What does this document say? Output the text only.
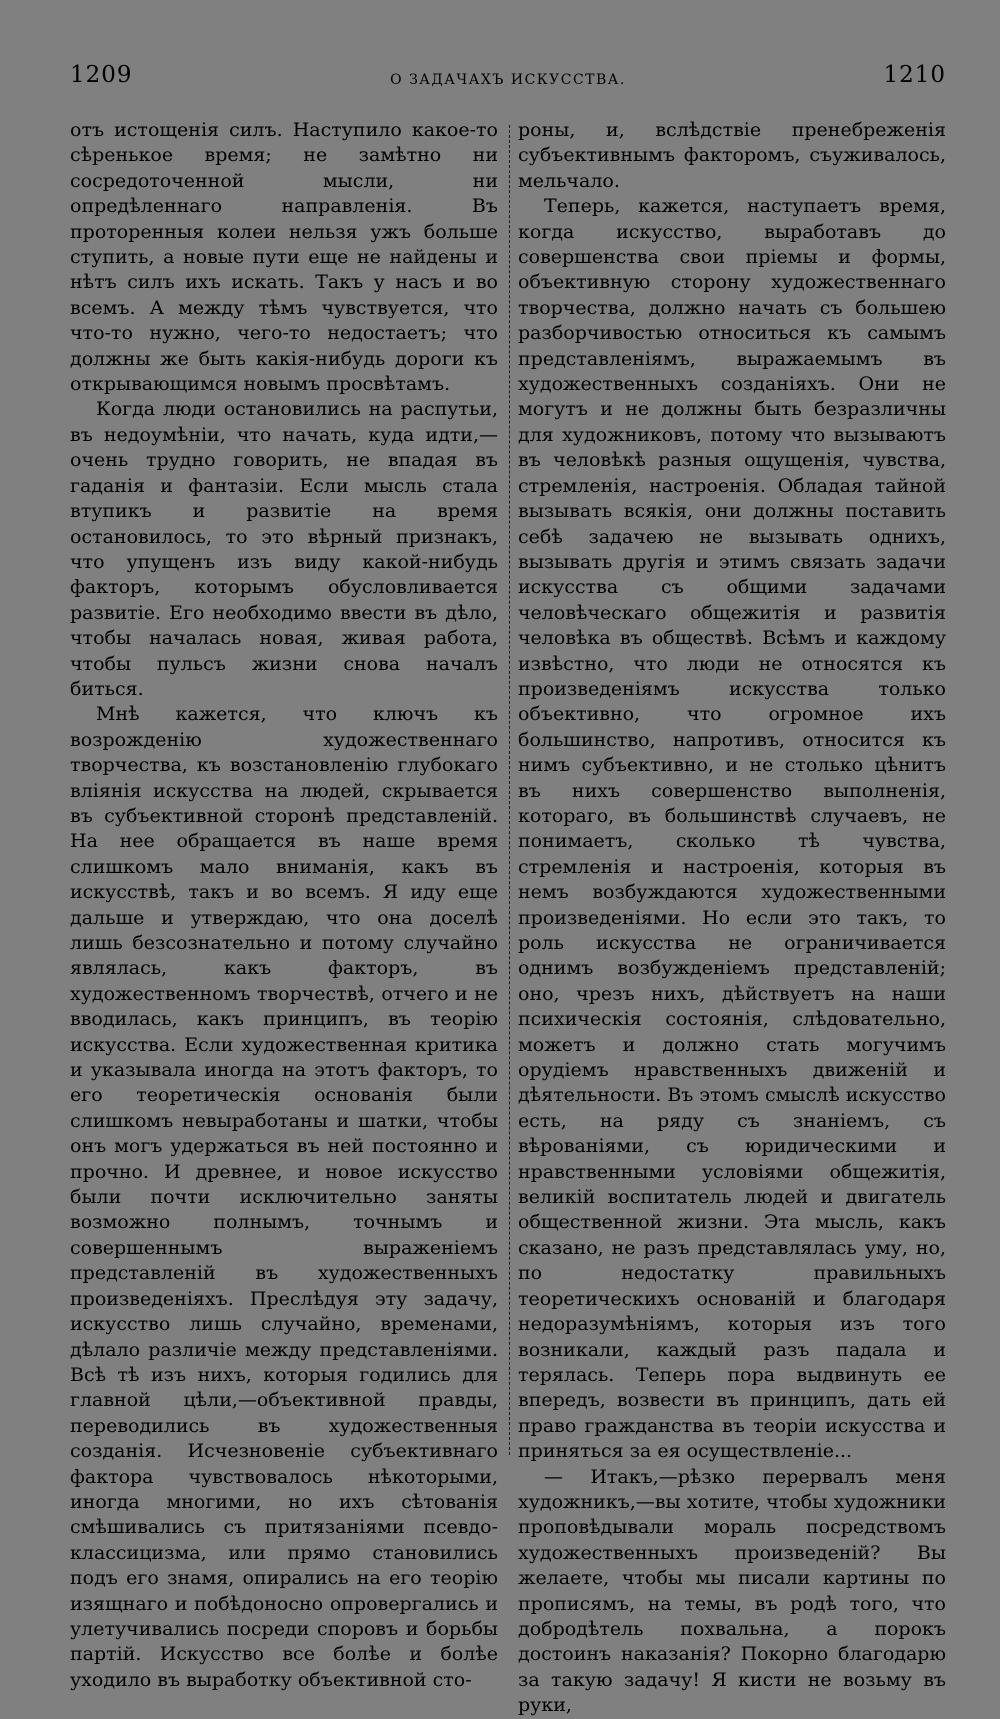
1209	О ЗАДАЧАХЪ ИСКУССТВА.	1210

отъ истощенія силъ. Наступило какое-то сѣренькое время; не замѣтно ни сосредоточенной мысли, ни опредѣленнаго направленія. Въ проторенныя колеи нельзя ужъ больше ступить, а новые пути еще не найдены и нѣтъ силъ ихъ искать. Такъ у насъ и во всемъ. А между тѣмъ чувствуется, что что-то нужно, чего-то недостаетъ; что должны же быть какія-нибудь дороги къ открывающимся новымъ просвѣтамъ.

Когда люди остановились на распутьи, въ недоумѣніи, что начать, куда идти,—очень трудно говорить, не впадая въ гаданія и фантазіи. Если мысль стала втупикъ и развитіе на время остановилось, то это вѣрный признакъ, что упущенъ изъ виду какой-нибудь факторъ, которымъ обусловливается развитіе. Его необходимо ввести въ дѣло, чтобы началась новая, живая работа, чтобы пульсъ жизни снова началъ биться.

Мнѣ кажется, что ключъ къ возрожденію художественнаго творчества, къ возстановленію глубокаго вліянія искусства на людей, скрывается въ субъективной сторонѣ представленій. На нее обращается въ наше время слишкомъ мало вниманія, какъ въ искусствѣ, такъ и во всемъ. Я иду еще дальше и утверждаю, что она доселѣ лишь безсознательно и потому случайно являлась, какъ факторъ, въ художественномъ творчествѣ, отчего и не вводилась, какъ принципъ, въ теорію искусства. Если художественная критика и указывала иногда на этотъ факторъ, то его теоретическія основанія были слишкомъ невыработаны и шатки, чтобы онъ могъ удержаться въ ней постоянно и прочно. И древнее, и новое искусство были почти исключительно заняты возможно полнымъ, точнымъ и совершеннымъ выраженіемъ представленій въ художественныхъ произведеніяхъ. Преслѣдуя эту задачу, искусство лишь случайно, временами, дѣлало различіе между представленіями. Всѣ тѣ изъ нихъ, которыя годились для главной цѣли,—объективной правды, переводились въ художественныя созданія. Исчезновеніе субъективнаго фактора чувствовалось нѣкоторыми, иногда многими, но ихъ сѣтованія смѣшивались съ притязаніями псевдо-классицизма, или прямо становились подъ его знамя, опирались на его теорію изящнаго и побѣдоносно опровергались и улетучивались посреди споровъ и борьбы партій. Искусство все болѣе и болѣе уходило въ выработку объективной сто-

роны, и, вслѣдствіе пренебреженія субъективнымъ факторомъ, съуживалось, мельчало.

Теперь, кажется, наступаетъ время, когда искусство, выработавъ до совершенства свои пріемы и формы, объективную сторону художественнаго творчества, должно начать съ большею разборчивостью относиться къ самымъ представленіямъ, выражаемымъ въ художественныхъ созданіяхъ. Они не могутъ и не должны быть безразличны для художниковъ, потому что вызываютъ въ человѣкѣ разныя ощущенія, чувства, стремленія, настроенія. Обладая тайной вызывать всякія, они должны поставить себѣ задачею не вызывать однихъ, вызывать другія и этимъ связать задачи искусства съ общими задачами человѣческаго общежитія и развитія человѣка въ обществѣ. Всѣмъ и каждому извѣстно, что люди не относятся къ произведеніямъ искусства только объективно, что огромное ихъ большинство, напротивъ, относится къ нимъ субъективно, и не столько цѣнитъ въ нихъ совершенство выполненія, котораго, въ большинствѣ случаевъ, не понимаетъ, сколько тѣ чувства, стремленія и настроенія, которыя въ немъ возбуждаются художественными произведеніями. Но если это такъ, то роль искусства не ограничивается однимъ возбужденіемъ представленій; оно, чрезъ нихъ, дѣйствуетъ на наши психическія состоянія, слѣдовательно, можетъ и должно стать могучимъ орудіемъ нравственныхъ движеній и дѣятельности. Въ этомъ смыслѣ искусство есть, на ряду съ знаніемъ, съ вѣрованіями, съ юридическими и нравственными условіями общежитія, великій воспитатель людей и двигатель общественной жизни. Эта мысль, какъ сказано, не разъ представлялась уму, но, по недостатку правильныхъ теоретическихъ основаній и благодаря недоразумѣніямъ, которыя изъ того возникали, каждый разъ падала и терялась. Теперь пора выдвинуть ее впередъ, возвести въ принципъ, дать ей право гражданства въ теоріи искусства и приняться за ея осуществленіе...

— Итакъ,—рѣзко перервалъ меня художникъ,—вы хотите, чтобы художники проповѣдывали мораль посредствомъ художественныхъ произведеній? Вы желаете, чтобы мы писали картины по прописямъ, на темы, въ родѣ того, что добродѣтель похвальна, а порокъ достоинъ наказанія? Покорно благодарю за такую задачу! Я кисти не возьму въ руки,
